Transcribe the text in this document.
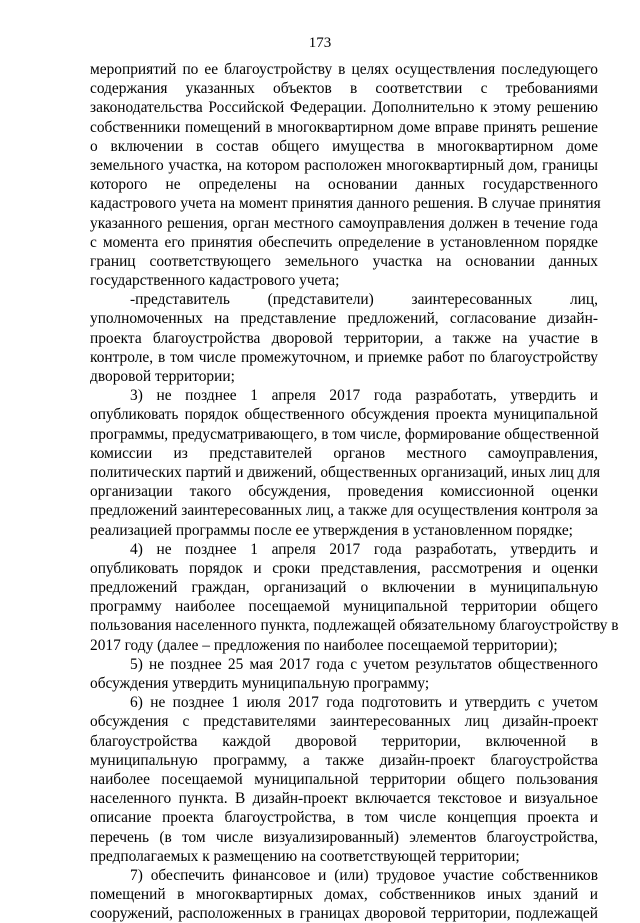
173
мероприятий по ее благоустройству в целях осуществления последующего
содержания указанных объектов в соответствии с требованиями
законодательства Российской Федерации. Дополнительно к этому решению
собственники помещений в многоквартирном доме вправе принять решение
о включении в состав общего имущества в многоквартирном доме
земельного участка, на котором расположен многоквартирный дом, границы
которого не определены на основании данных государственного
кадастрового учета на момент принятия данного решения. В случае принятия
указанного решения, орган местного самоуправления должен в течение года
с момента его принятия обеспечить определение в установленном порядке
границ соответствующего земельного участка на основании данных
государственного кадастрового учета;
-представитель (представители) заинтересованных лиц,
уполномоченных на представление предложений, согласование дизайн-
проекта благоустройства дворовой территории, а также на участие в
контроле, в том числе промежуточном, и приемке работ по благоустройству
дворовой территории;
3) не позднее 1 апреля 2017 года разработать, утвердить и
опубликовать порядок общественного обсуждения проекта муниципальной
программы, предусматривающего, в том числе, формирование общественной
комиссии из представителей органов местного самоуправления,
политических партий и движений, общественных организаций, иных лиц для
организации такого обсуждения, проведения комиссионной оценки
предложений заинтересованных лиц, а также для осуществления контроля за
реализацией программы после ее утверждения в установленном порядке;
4) не позднее 1 апреля 2017 года разработать, утвердить и
опубликовать порядок и сроки представления, рассмотрения и оценки
предложений граждан, организаций о включении в муниципальную
программу наиболее посещаемой муниципальной территории общего
пользования населенного пункта, подлежащей обязательному благоустройству в
2017 году (далее – предложения по наиболее посещаемой территории);
5) не позднее 25 мая 2017 года с учетом результатов общественного
обсуждения утвердить муниципальную программу;
6) не позднее 1 июля 2017 года подготовить и утвердить с учетом
обсуждения с представителями заинтересованных лиц дизайн-проект
благоустройства каждой дворовой территории, включенной в
муниципальную программу, а также дизайн-проект благоустройства
наиболее посещаемой муниципальной территории общего пользования
населенного пункта. В дизайн-проект включается текстовое и визуальное
описание проекта благоустройства, в том числе концепция проекта и
перечень (в том числе визуализированный) элементов благоустройства,
предполагаемых к размещению на соответствующей территории;
7) обеспечить финансовое и (или) трудовое участие собственников
помещений в многоквартирных домах, собственников иных зданий и
сооружений, расположенных в границах дворовой территории, подлежащей
